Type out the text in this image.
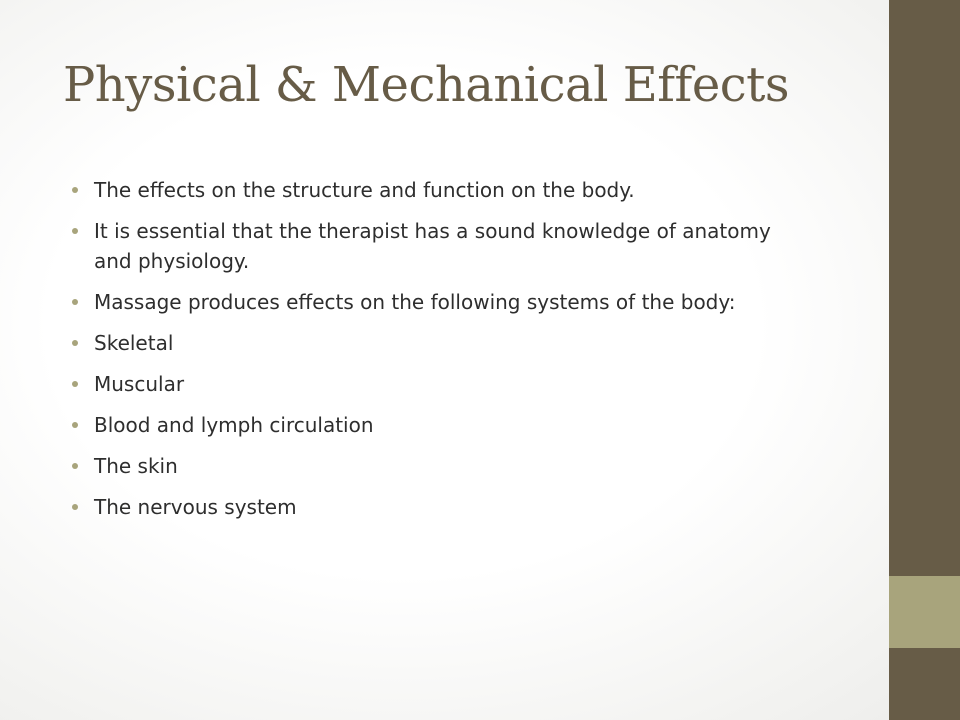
Physical & Mechanical Effects
The effects on the structure and function on the body.
It is essential that the therapist has a sound knowledge of anatomy and physiology.
Massage produces effects on the following systems of the body:
Skeletal
Muscular
Blood and lymph circulation
The skin
The nervous system
